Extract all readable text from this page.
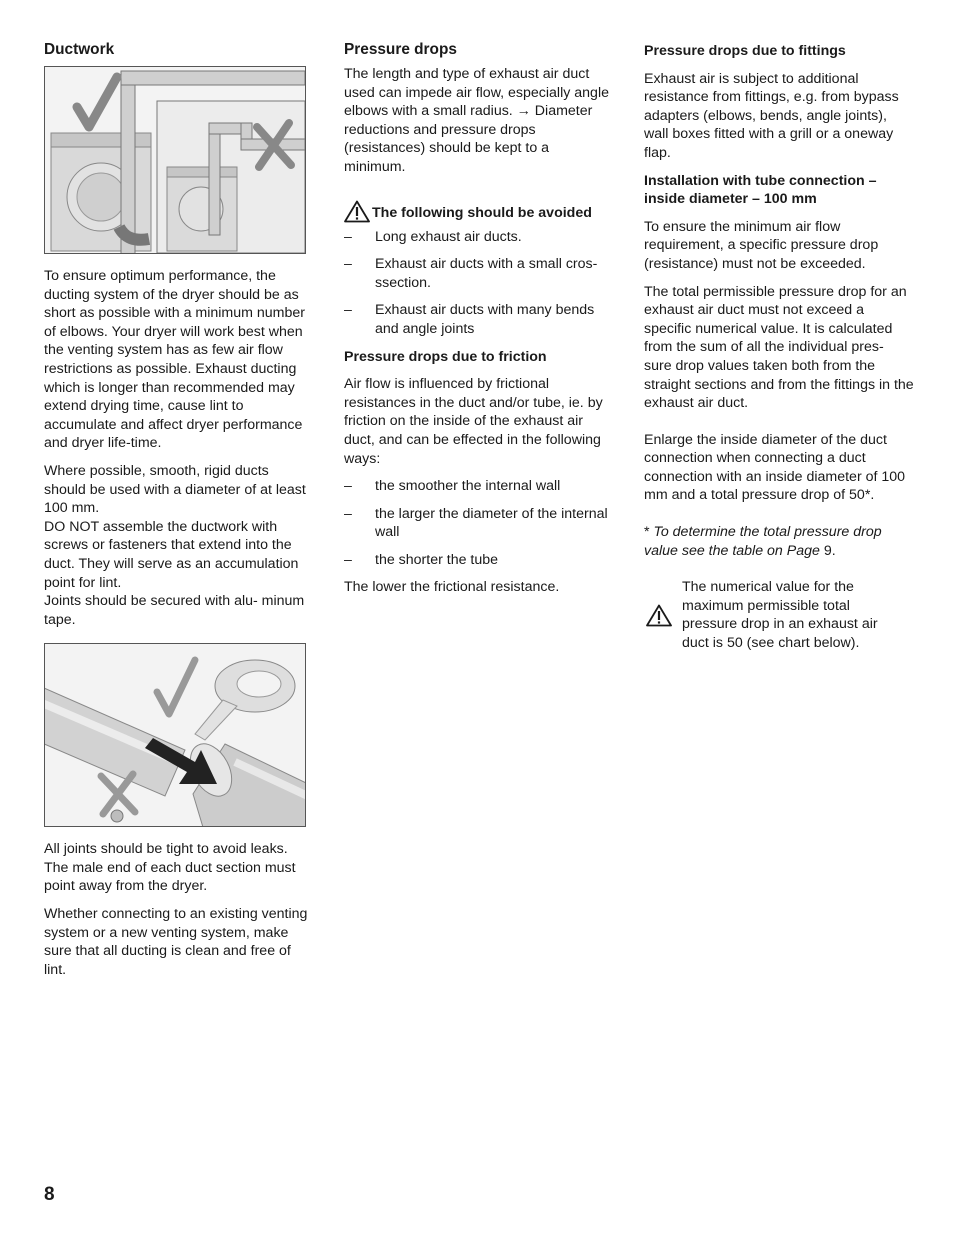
Ductwork

To ensure optimum performance, the ducting system of the dryer should be as short as possible with a minimum number of elbows. Your dryer will work best when the venting system has as few air flow restrictions as possible. Exhaust ducting which is longer than recommended may extend drying time, cause lint to accumulate and affect dryer performance and dryer life-time.

Where possible, smooth, rigid ducts should be used with a diameter of at least 100 mm.
DO NOT assemble the ductwork with screws or fasteners that extend into the duct. They will serve as an accumulation point for lint.
Joints should be secured with alu- minum tape.

All joints should be tight to avoid leaks. The male end of each duct section must point away from the dryer.

Whether connecting to an existing venting system or a new venting system, make sure that all ducting is clean and free of lint.

Pressure drops

The length and type of exhaust air duct used can impede air flow, especially angle elbows with a small radius. → Diameter reductions and pressure drops (resistances) should be kept to a minimum.

The following should be avoided
– Long exhaust air ducts.
– Exhaust air ducts with a small cros-ssection.
– Exhaust air ducts with many bends and angle joints
Pressure drops due to friction

Air flow is influenced by frictional resistances in the duct and/or tube, ie. by friction on the inside of the exhaust air duct, and can be effected in the following ways:

– the smoother the internal wall
– the larger the diameter of the internal wall
– the shorter the tube

The lower the frictional resistance.

Pressure drops due to fittings

Exhaust air is subject to additional resistance from fittings, e.g. from bypass adapters (elbows, bends, angle joints), wall boxes fitted with a grill or a oneway flap.

Installation with tube connection – inside diameter – 100 mm

To ensure the minimum air flow requirement, a specific pressure drop (resistance) must not be exceeded.

The total permissible pressure drop for an exhaust air duct must not exceed a specific numerical value. It is calculated from the sum of all the individual pres- sure drop values taken both from the straight sections and from the fittings in the exhaust air duct.

Enlarge the inside diameter of the duct connection when connecting a duct connection with an inside diameter of 100 mm and a total pressure drop of 50*.

* To determine the total pressure drop value see the table on Page 9.

The numerical value for the maximum permissible total pressure drop in an exhaust air duct is 50 (see chart below).
8
